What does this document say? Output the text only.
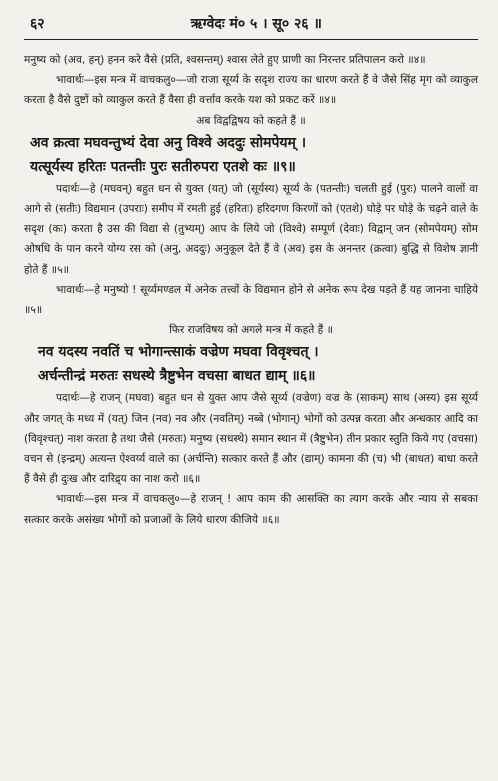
६२	ऋग्वेदः मं० ५ । सू० २६ ॥

मनुष्य को (अव, हन्) हनन करे वैसे (प्रति, श्वसन्तम्) श्वास लेते हुए प्राणी का निरन्तर प्रतिपालन करो ॥४॥

भावार्थः—इस मन्त्र में वाचकलु०—जो राजा सूर्य्य के सदृश राज्य का धारण करते हैं वे जैसे सिंह मृग को व्याकुल करता है वैसे दुष्टों को व्याकुल करते हैं वैसा ही वर्त्ताव करके यश को प्रकट करें ॥४॥

अब विद्वद्विषय को कहते हैं ॥

अव क्रत्वा मघवन्तुभ्यं देवा अनु विश्वे अददुः सोमपेयम् ।

यत्सूर्यस्य हरितः पतन्तीः पुरः सतीरुपरा एतशे कः ॥९॥

पदार्थः—हे (मघवन्) बहुत धन से युक्त (यत्) जो (सूर्यस्य) सूर्य्य के (पतन्तीः) चलती हुई (पुरः) पालने वालों वा आगे से (सतीः) विद्यमान (उपराः) समीप में रमती हुई (हरितः) हरिदगण किरणों को (एतशे) घोड़े पर घोड़े के चढ़ने वाले के सदृश (कः) करता है उस की विद्या से (तुभ्यम्) आप के लिये जो (विश्वे) सम्पूर्ण (देवाः) विद्वान् जन (सोमपेयम्) सोम ओषधि के पान करने योग्य रस को (अनु, अददुः) अनुकूल देते हैं वे (अव) इस के अनन्तर (क्रत्वा) बुद्धि से विशेष ज्ञानी होते हैं ॥५॥

भावार्थः—हे मनुष्यो ! सूर्य्यमण्डल में अनेक तत्त्वों के विद्यमान होने से अनेक रूप देख पड़ते हैं यह जानना चाहिये ॥५॥

फिर राजविषय को अगले मन्त्र में कहते हैं ॥

नव यदस्य नवतिं च भोगान्त्साकं वज्रेण मघवा विवृश्चत् ।

अर्चन्तीन्द्रं मरुतः सधस्थे त्रैष्टुभेन वचसा बाधत द्याम् ॥६॥

पदार्थः—हे राजन् (मघवा) बहुत धन से युक्त आप जैसे सूर्य्य (वज्रेण) वज्र के (साकम्) साथ (अस्य) इस सूर्य्य और जगत् के मध्य में (यत्) जिन (नव) नव और (नवतिम्) नब्बे (भोगान्) भोगों को उत्पन्न करता और अन्धकार आदि का (विवृश्चत्) नाश करता है तथा जैसे (मरुतः) मनुष्य (सधस्थे) समान स्थान में (त्रैष्टुभेन) तीन प्रकार स्तुति किये गए (वचसा) वचन से (इन्द्रम्) अत्यन्त ऐश्वर्य्य वाले का (अर्चन्ति) सत्कार करते हैं और (द्याम्) कामना की (च) भी (बाधत) बाधा करते हैं वैसे ही दुःख और दारिद्र्य का नाश करो ॥६॥

भावार्थः—इस मन्त्र में वाचकलु०—हे राजन् ! आप काम की आसक्ति का त्याग करके और न्याय से सबका सत्कार करके असंख्य भोगों को प्रजाओं के लिये धारण कीजिये ॥६॥
